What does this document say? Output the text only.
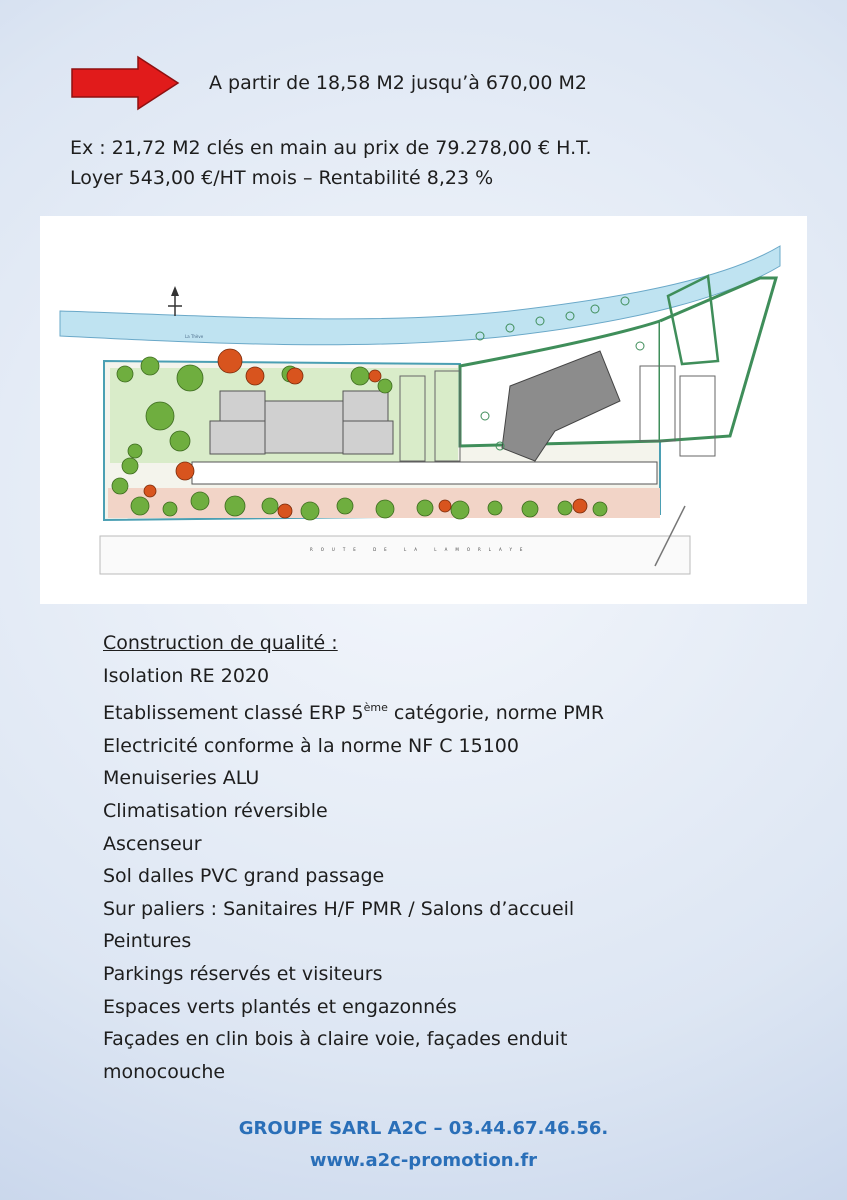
A partir de 18,58 M2 jusqu’à 670,00 M2
Ex : 21,72 M2 clés en main au prix de 79.278,00 € H.T.
Loyer 543,00 €/HT mois – Rentabilité 8,23 %
La Thève
ROUTE DE LA LAMORLAYE
Construction de qualité :
Isolation RE 2020
Etablissement classé ERP 5ème catégorie, norme PMR
Electricité conforme à la norme NF C 15100
Menuiseries ALU
Climatisation réversible
Ascenseur
Sol dalles PVC grand passage
Sur paliers : Sanitaires H/F PMR / Salons d’accueil
Peintures
Parkings réservés et visiteurs
Espaces verts plantés et engazonnés
Façades en clin bois à claire voie, façades enduit
monocouche
GROUPE SARL A2C – 03.44.67.46.56.
www.a2c-promotion.fr
